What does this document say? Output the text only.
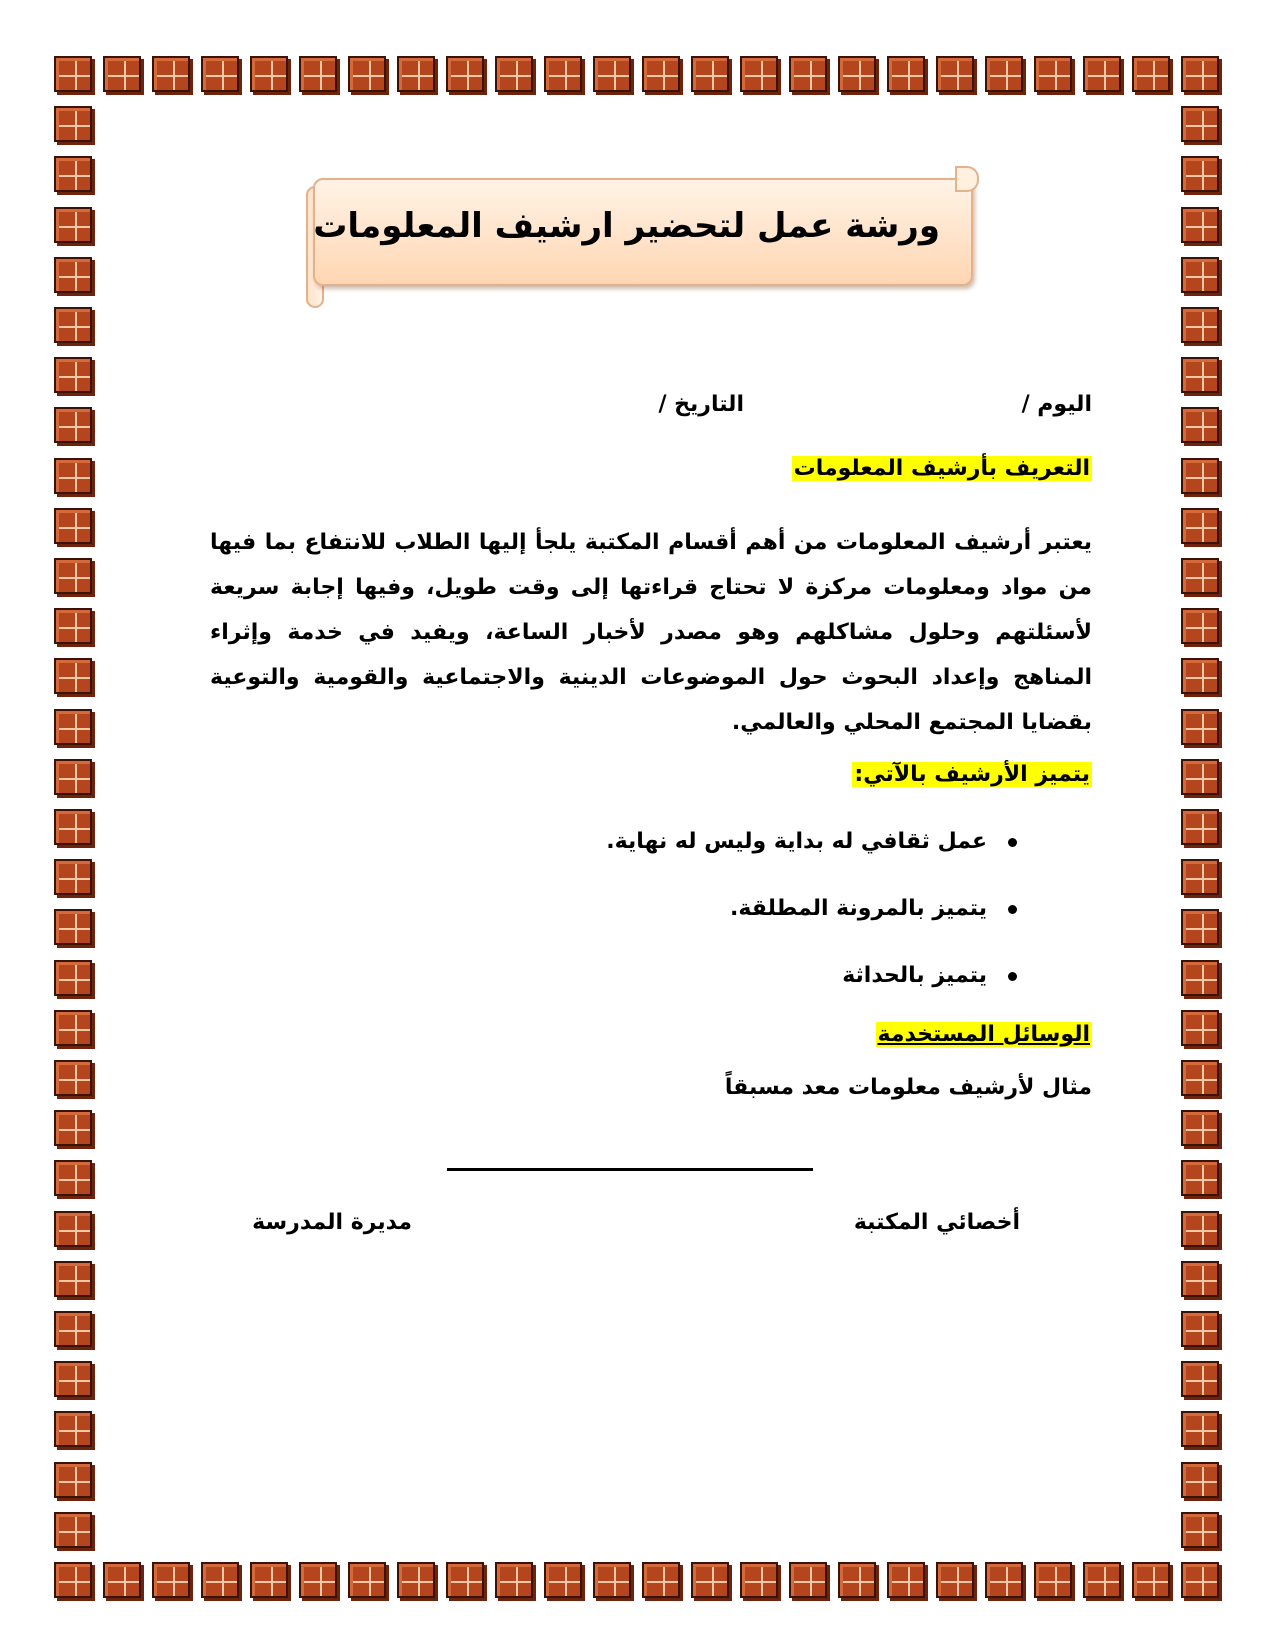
ورشة عمل لتحضير ارشيف المعلومات
اليوم /
التاريخ /

التعريف بأرشيف المعلومات

يعتبر أرشيف المعلومات من أهم أقسام المكتبة يلجأ إليها الطلاب للانتفاع بما فيها من مواد ومعلومات مركزة لا تحتاج قراءتها إلى وقت طويل، وفيها إجابة سريعة لأسئلتهم وحلول مشاكلهم وهو مصدر لأخبار الساعة، ويفيد في خدمة وإثراء المناهج وإعداد البحوث حول الموضوعات الدينية والاجتماعية والقومية والتوعية بقضايا المجتمع المحلي والعالمي.

يتميز الأرشيف بالآتي:

عمل ثقافي له بداية وليس له نهاية.
يتميز بالمرونة المطلقة.
يتميز بالحداثة

الوسائل المستخدمة

مثال لأرشيف معلومات معد مسبقاً

أخصائي المكتبة
مديرة المدرسة
